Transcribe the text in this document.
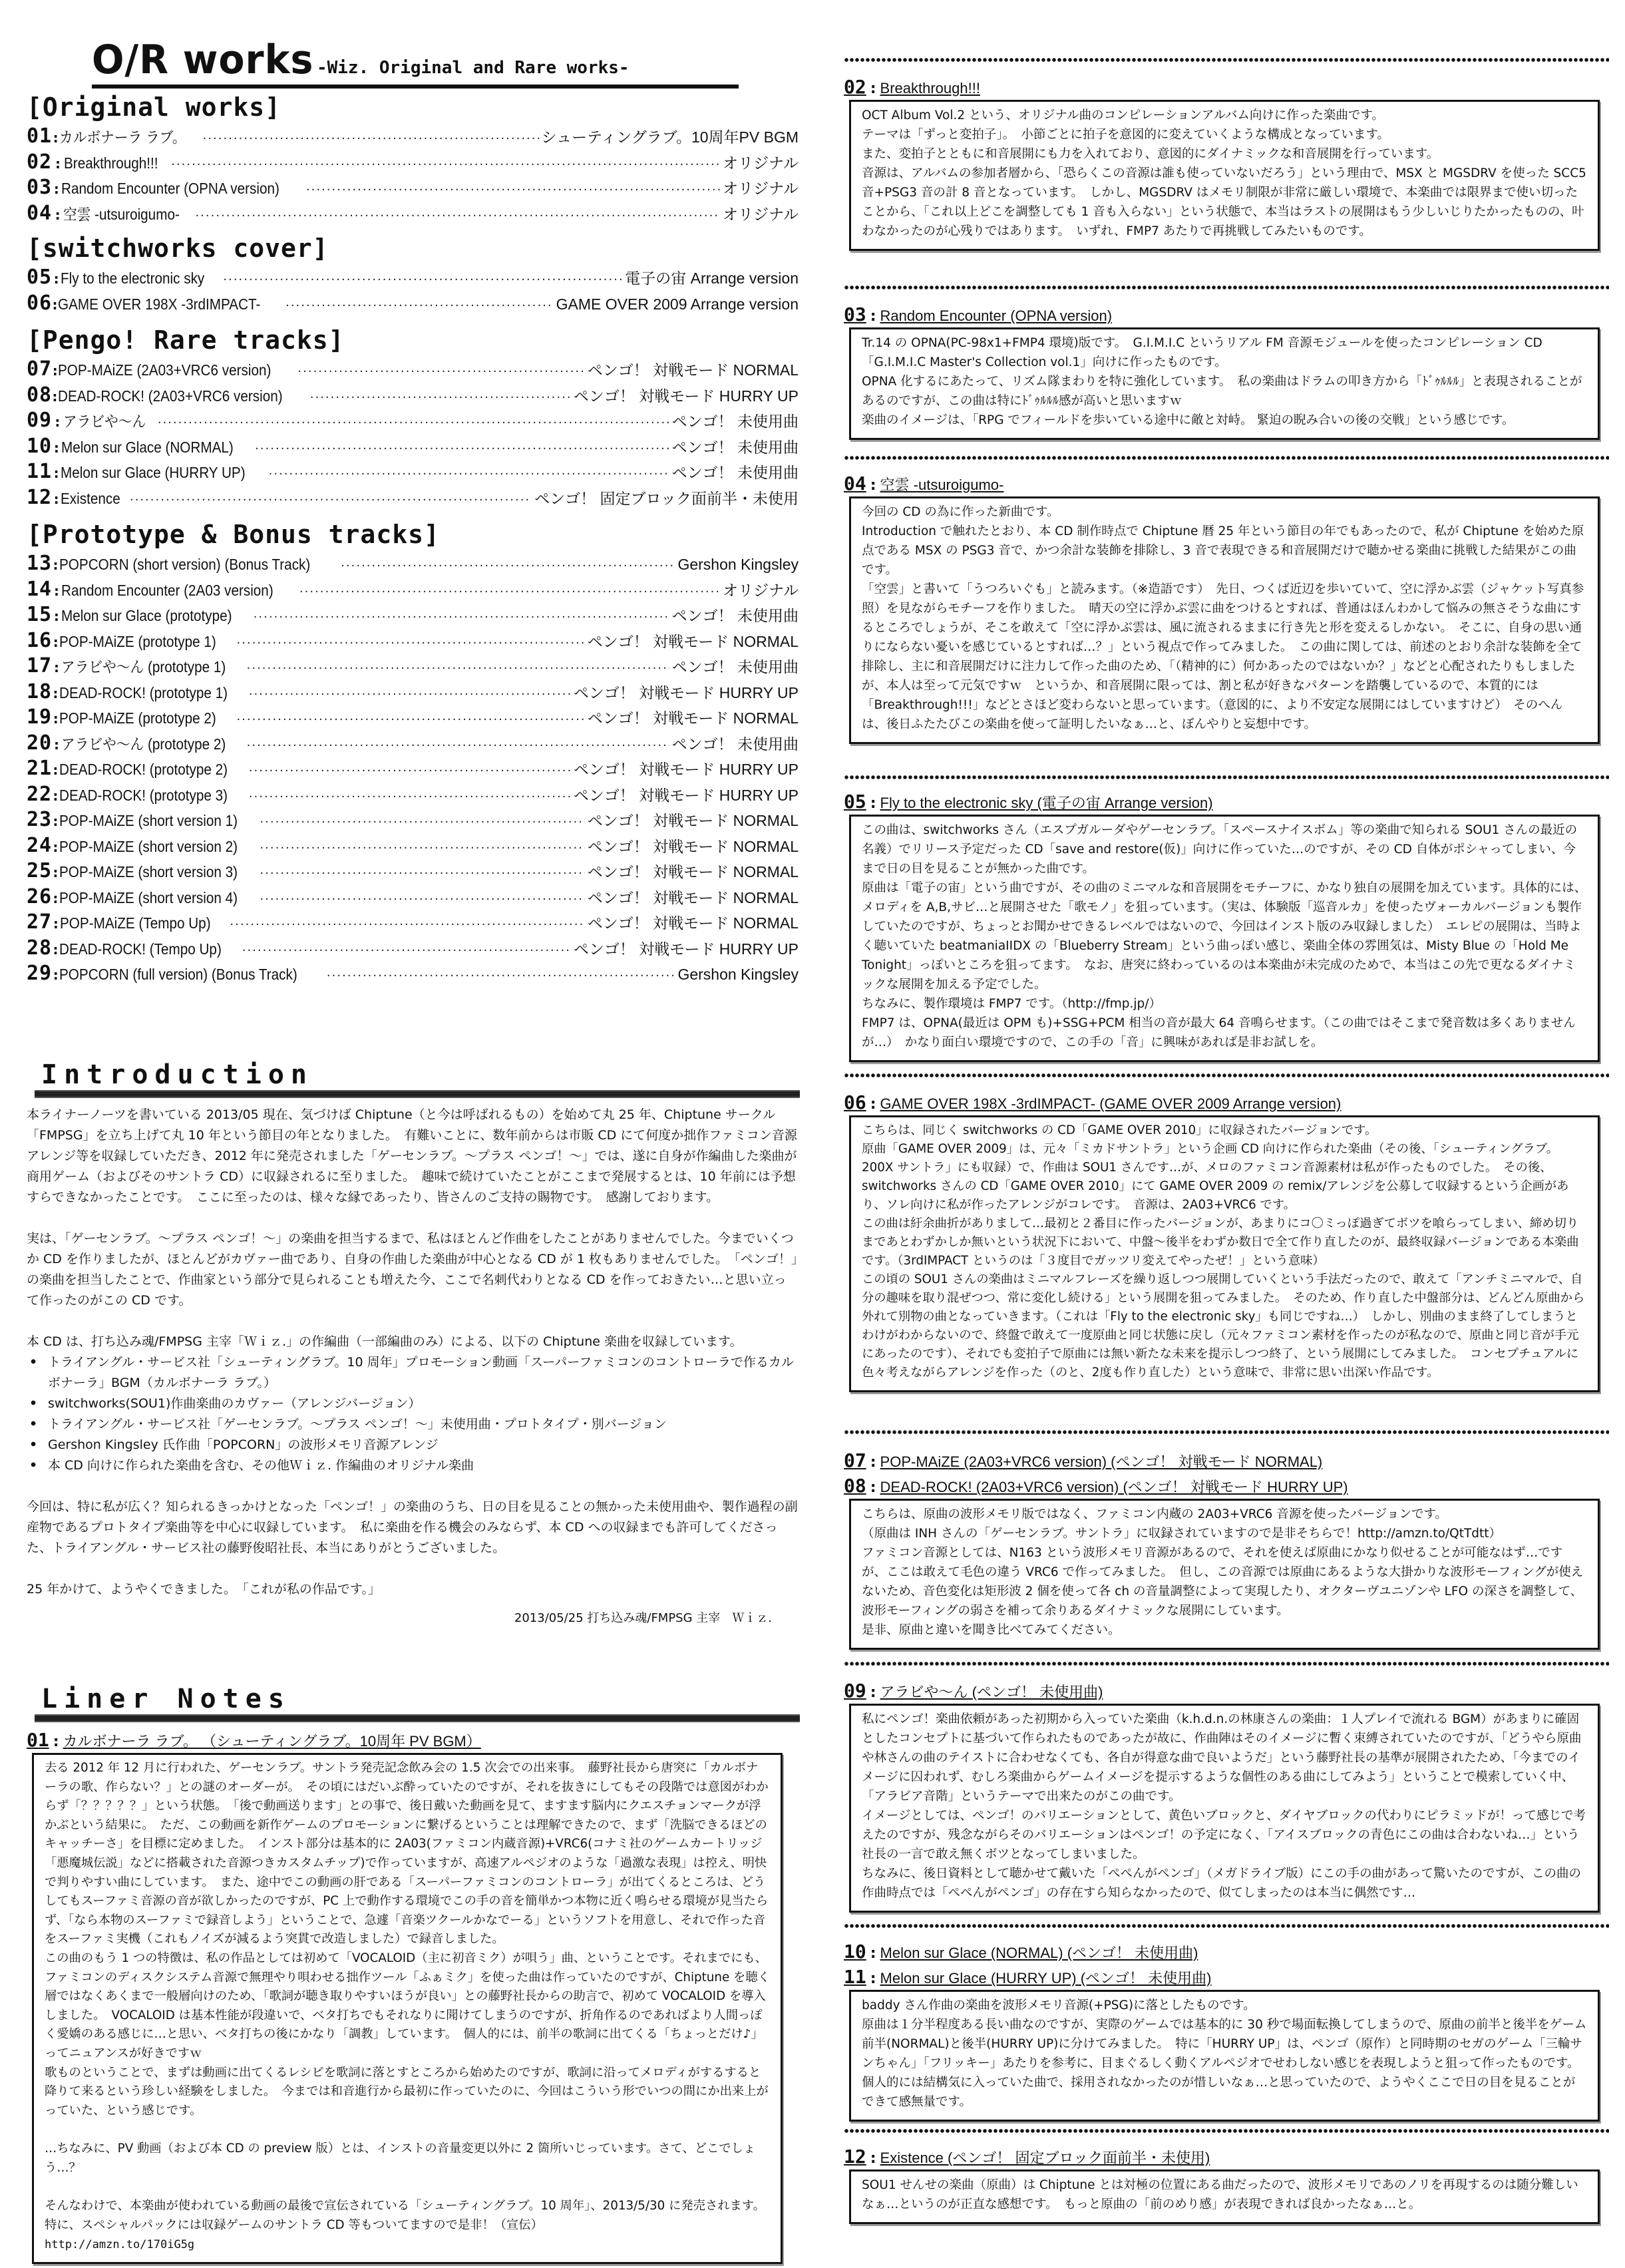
O/R works -Wiz. Original and Rare works-
[Original works]
01 : カルボナーラ ラブ。 ·····	シューティングラブ。10周年PV BGM
02 : Breakthrough!!! ·····	オリジナル
03 : Random Encounter (OPNA version) ·····	オリジナル
04 : 空雲 -utsuroigumo- ·····	オリジナル
[switchworks cover]
05 : Fly to the electronic sky ·····	電子の宙 Arrange version
06 : GAME OVER 198X -3rdIMPACT- ·····	GAME OVER 2009 Arrange version
[Pengo! Rare tracks]
07 : POP-MAiZE (2A03+VRC6 version) ·····	ペンゴ！ 対戦モード NORMAL
08 : DEAD-ROCK! (2A03+VRC6 version) ·····	ペンゴ！ 対戦モード HURRY UP
09 : アラビや～ん ·····	ペンゴ！ 未使用曲
10 : Melon sur Glace (NORMAL) ·····	ペンゴ！ 未使用曲
11 : Melon sur Glace (HURRY UP) ·····	ペンゴ！ 未使用曲
12 : Existence ·····	ペンゴ！ 固定ブロック面前半・未使用
[Prototype & Bonus tracks]
13 : POPCORN (short version) (Bonus Track) ·····	Gershon Kingsley
14 : Random Encounter (2A03 version) ·····	オリジナル
15 : Melon sur Glace (prototype) ·····	ペンゴ！ 未使用曲
16 : POP-MAiZE (prototype 1) ·····	ペンゴ！ 対戦モード NORMAL
17 : アラビや～ん (prototype 1) ·····	ペンゴ！ 未使用曲
18 : DEAD-ROCK! (prototype 1) ·····	ペンゴ！ 対戦モード HURRY UP
19 : POP-MAiZE (prototype 2) ·····	ペンゴ！ 対戦モード NORMAL
20 : アラビや～ん (prototype 2) ·····	ペンゴ！ 未使用曲
21 : DEAD-ROCK! (prototype 2) ·····	ペンゴ！ 対戦モード HURRY UP
22 : DEAD-ROCK! (prototype 3) ·····	ペンゴ！ 対戦モード HURRY UP
23 : POP-MAiZE (short version 1) ·····	ペンゴ！ 対戦モード NORMAL
24 : POP-MAiZE (short version 2) ·····	ペンゴ！ 対戦モード NORMAL
25 : POP-MAiZE (short version 3) ·····	ペンゴ！ 対戦モード NORMAL
26 : POP-MAiZE (short version 4) ·····	ペンゴ！ 対戦モード NORMAL
27 : POP-MAiZE (Tempo Up) ·····	ペンゴ！ 対戦モード NORMAL
28 : DEAD-ROCK! (Tempo Up) ·····	ペンゴ！ 対戦モード HURRY UP
29 : POPCORN (full version) (Bonus Track) ·····	Gershon Kingsley
Introduction

本ライナーノーツを書いている 2013/05 現在、気づけば Chiptune（と今は呼ばれるもの）を始めて丸 25 年、Chiptune サークル「FMPSG」を立ち上げて丸 10 年という節目の年となりました。　有難いことに、数年前からは市販 CD にて何度か拙作ファミコン音源アレンジ等を収録していただき、2012 年に発売されました「ゲーセンラブ。～プラス ペンゴ！～」では、遂に自身が作編曲した楽曲が商用ゲーム（およびそのサントラ CD）に収録されるに至りました。　趣味で続けていたことがここまで発展するとは、10 年前には予想すらできなかったことです。　ここに至ったのは、様々な縁であったり、皆さんのご支持の賜物です。　感謝しております。

実は、「ゲーセンラブ。～プラス ペンゴ！～」の楽曲を担当するまで、私はほとんど作曲をしたことがありませんでした。今までいくつか CD を作りましたが、ほとんどがカヴァー曲であり、自身の作曲した楽曲が中心となる CD が 1 枚もありませんでした。　「ペンゴ！」の楽曲を担当したことで、作曲家という部分で見られることも増えた今、ここで名刺代わりとなる CD を作っておきたい…と思い立って作ったのがこの CD です。

本 CD は、打ち込み魂/FMPSG 主宰「Ｗｉｚ.」の作編曲（一部編曲のみ）による、以下の Chiptune 楽曲を収録しています。

• トライアングル・サービス社「シューティングラブ。10 周年」プロモーション動画「スーパーファミコンのコントローラで作るカルボナーラ」BGM（カルボナーラ ラブ。）
• switchworks(SOU1)作曲楽曲のカヴァー（アレンジバージョン）
• トライアングル・サービス社「ゲーセンラブ。～プラス ペンゴ！～」未使用曲・プロトタイプ・別バージョン
• Gershon Kingsley 氏作曲「POPCORN」の波形メモリ音源アレンジ
• 本 CD 向けに作られた楽曲を含む、その他Ｗｉｚ. 作編曲のオリジナル楽曲

今回は、特に私が広く？知られるきっかけとなった「ペンゴ！」の楽曲のうち、日の目を見ることの無かった未使用曲や、製作過程の副産物であるプロトタイプ楽曲等を中心に収録しています。　私に楽曲を作る機会のみならず、本 CD への収録までも許可してくださった、トライアングル・サービス社の藤野俊昭社長、本当にありがとうございました。

25 年かけて、ようやくできました。　「これが私の作品です。」

2013/05/25 打ち込み魂/FMPSG 主宰　Ｗｉｚ.
Liner Notes
01 : カルボナーラ ラブ。 （シューティングラブ。10周年 PV BGM）

去る 2012 年 12 月に行われた、ゲーセンラブ。サントラ発売記念飲み会の 1.5 次会での出来事。　藤野社長から唐突に「カルボナーラの歌、作らない？」との謎のオーダーが。　その頃にはだいぶ酔っていたのですが、それを抜きにしてもその段階では意図がわからず「？？？？？」という状態。　「後で動画送ります」との事で、後日戴いた動画を見て、ますます脳内にクエスチョンマークが浮かぶという結果に。　ただ、この動画を新作ゲームのプロモーションに繋げるということは理解できたので、まず「洗脳できるほどのキャッチーさ」を目標に定めました。　インスト部分は基本的に 2A03(ファミコン内蔵音源)+VRC6(コナミ社のゲームカートリッジ「悪魔城伝説」などに搭載された音源つきカスタムチップ)で作っていますが、高速アルペジオのような「過激な表現」は控え、明快で判りやすい曲にしています。　また、途中でこの動画の肝である「スーパーファミコンのコントローラ」が出てくるところは、どうしてもスーファミ音源の音が欲しかったのですが、PC 上で動作する環境でこの手の音を簡単かつ本物に近く鳴らせる環境が見当たらず、「なら本物のスーファミで録音しよう」ということで、急遽「音楽ツクールかなでーる」というソフトを用意し、それで作った音をスーファミ実機（これもノイズが減るよう突貫で改造しました）で録音しました。

この曲のもう 1 つの特徴は、私の作品としては初めて「VOCALOID（主に初音ミク）が唄う」曲、ということです。それまでにも、ファミコンのディスクシステム音源で無理やり唄わせる拙作ツール「ふぁミク」を使った曲は作っていたのですが、Chiptune を聴く層ではなくあくまで一般層向けのため、「歌詞が聴き取りやすいほうが良い」との藤野社長からの助言で、初めて VOCALOID を導入しました。　VOCALOID は基本性能が段違いで、ベタ打ちでもそれなりに聞けてしまうのですが、折角作るのであればより人間っぽく愛嬌のある感じに…と思い、ベタ打ちの後にかなり「調教」しています。　個人的には、前半の歌詞に出てくる「ちょっとだけ♪」ってニュアンスが好きですｗ

歌ものということで、まずは動画に出てくるレシピを歌詞に落とすところから始めたのですが、歌詞に沿ってメロディがするすると降りて来るという珍しい経験をしました。　今までは和音進行から最初に作っていたのに、今回はこういう形でいつの間にか出来上がっていた、という感じです。

…ちなみに、PV 動画（および本 CD の preview 版）とは、インストの音量変更以外に 2 箇所いじっています。さて、どこでしょう…？

そんなわけで、本楽曲が使われている動画の最後で宣伝されている「シューティングラブ。10 周年」、2013/5/30 に発売されます。　特に、スペシャルパックには収録ゲームのサントラ CD 等もついてますので是非！（宣伝）

http://amzn.to/170iG5g

02 : Breakthrough!!!

OCT Album Vol.2 という、オリジナル曲のコンピレーションアルバム向けに作った楽曲です。

テーマは「ずっと変拍子」。　小節ごとに拍子を意図的に変えていくような構成となっています。

また、変拍子とともに和音展開にも力を入れており、意図的にダイナミックな和音展開を行っています。

音源は、アルバムの参加者層から、「恐らくこの音源は誰も使っていないだろう」という理由で、MSX と MGSDRV を使った SCC5 音+PSG3 音の計 8 音となっています。　しかし、MGSDRV はメモリ制限が非常に厳しい環境で、本楽曲では限界まで使い切ったことから、「これ以上どこを調整しても 1 音も入らない」という状態で、本当はラストの展開はもう少しいじりたかったものの、叶わなかったのが心残りではあります。　いずれ、FMP7 あたりで再挑戦してみたいものです。

03 : Random Encounter (OPNA version)

Tr.14 の OPNA(PC-98x1+FMP4 環境)版です。　G.I.M.I.C というリアル FM 音源モジュールを使ったコンピレーション CD「G.I.M.I.C Master's Collection vol.1」向けに作ったものです。

OPNA 化するにあたって、リズム隊まわりを特に強化しています。　私の楽曲はドラムの叩き方から「ﾄﾞｩﾙﾙﾙ」と表現されることがあるのですが、この曲は特にﾄﾞｩﾙﾙﾙ感が高いと思いますｗ

楽曲のイメージは、「RPG でフィールドを歩いている途中に敵と対峙。 緊迫の睨み合いの後の交戦」という感じです。

04 : 空雲 -utsuroigumo-

今回の CD の為に作った新曲です。

Introduction で触れたとおり、本 CD 制作時点で Chiptune 暦 25 年という節目の年でもあったので、私が Chiptune を始めた原点である MSX の PSG3 音で、かつ余計な装飾を排除し、3 音で表現できる和音展開だけで聴かせる楽曲に挑戦した結果がこの曲です。

「空雲」と書いて「うつろいぐも」と読みます。（※造語です）　先日、つくば近辺を歩いていて、空に浮かぶ雲（ジャケット写真参照）を見ながらモチーフを作りました。　晴天の空に浮かぶ雲に曲をつけるとすれば、普通はほんわかして悩みの無さそうな曲にするところでしょうが、そこを敢えて「空に浮かぶ雲は、風に流されるままに行き先と形を変えるしかない。　そこに、自身の思い通りにならない憂いを感じているとすれば…？」という視点で作ってみました。　この曲に関しては、前述のとおり余計な装飾を全て排除し、主に和音展開だけに注力して作った曲のため、「（精神的に）何かあったのではないか？」などと心配されたりもしましたが、本人は至って元気ですｗ　というか、和音展開に限っては、割と私が好きなパターンを踏襲しているので、本質的には「Breakthrough!!!」などとさほど変わらないと思っています。（意図的に、より不安定な展開にはしていますけど）　そのへんは、後日ふたたびこの楽曲を使って証明したいなぁ…と、ぼんやりと妄想中です。

05 : Fly to the electronic sky (電子の宙 Arrange version)

この曲は、switchworks さん（エスプガルーダやゲーセンラブ。「スペースナイスボム」等の楽曲で知られる SOU1 さんの最近の名義）でリリース予定だった CD「save and restore(仮)」向けに作っていた…のですが、その CD 自体がポシャってしまい、今まで日の目を見ることが無かった曲です。

原曲は「電子の宙」という曲ですが、その曲のミニマルな和音展開をモチーフに、かなり独自の展開を加えています。具体的には、メロディを A,B,サビ…と展開させた「歌モノ」を狙っています。（実は、体験版「巡音ルカ」を使ったヴォーカルバージョンも製作していたのですが、ちょっとお聞かせできるレベルではないので、今回はインスト版のみ収録しました）　エレピの展開は、当時よく聴いていた beatmaniaIIDX の「Blueberry Stream」という曲っぽい感じ、楽曲全体の雰囲気は、Misty Blue の「Hold Me Tonight」っぽいところを狙ってます。　なお、唐突に終わっているのは本楽曲が未完成のためで、本当はこの先で更なるダイナミックな展開を加える予定でした。

ちなみに、製作環境は FMP7 です。（http://fmp.jp/）

FMP7 は、OPNA(最近は OPM も)+SSG+PCM 相当の音が最大 64 音鳴らせます。（この曲ではそこまで発音数は多くありませんが…）　かなり面白い環境ですので、この手の「音」に興味があれば是非お試しを。

06 : GAME OVER 198X -3rdIMPACT- (GAME OVER 2009 Arrange version)

こちらは、同じく switchworks の CD「GAME OVER 2010」に収録されたバージョンです。

原曲「GAME OVER 2009」は、元々「ミカドサントラ」という企画 CD 向けに作られた楽曲（その後、「シューティングラブ。200X サントラ」にも収録）で、作曲は SOU1 さんです…が、メロのファミコン音源素材は私が作ったものでした。　その後、switchworks さんの CD「GAME OVER 2010」にて GAME OVER 2009 の remix/アレンジを公募して収録するという企画があり、ソレ向けに私が作ったアレンジがコレです。　音源は、2A03+VRC6 です。

この曲は紆余曲折がありまして…最初と２番目に作ったバージョンが、あまりにコ〇ミっぽ過ぎてボツを喰らってしまい、締め切りまであとわずかしか無いという状況下において、中盤～後半をわずか数日で全て作り直したのが、最終収録バージョンである本楽曲です。（3rdIMPACT というのは「３度目でガッツリ変えてやったぜ！」という意味）

この頃の SOU1 さんの楽曲はミニマルフレーズを繰り返しつつ展開していくという手法だったので、敢えて「アンチミニマルで、自分の趣味を取り混ぜつつ、常に変化し続ける」という展開を狙ってみました。　そのため、作り直した中盤部分は、どんどん原曲から外れて別物の曲となっていきます。（これは「Fly to the electronic sky」も同じですね…）　しかし、別曲のまま終了してしまうとわけがわからないので、終盤で敢えて一度原曲と同じ状態に戻し（元々ファミコン素材を作ったのが私なので、原曲と同じ音が手元にあったのです）、それでも変拍子で原曲には無い新たな未来を提示しつつ終了、という展開にしてみました。　コンセプチュアルに色々考えながらアレンジを作った（のと、2度も作り直した）という意味で、非常に思い出深い作品です。

07 : POP-MAiZE (2A03+VRC6 version) (ペンゴ！ 対戦モード NORMAL)
08 : DEAD-ROCK! (2A03+VRC6 version) (ペンゴ！ 対戦モード HURRY UP)

こちらは、原曲の波形メモリ版ではなく、ファミコン内蔵の 2A03+VRC6 音源を使ったバージョンです。

（原曲は INH さんの「ゲーセンラブ。サントラ」に収録されていますので是非そちらで！http://amzn.to/QtTdtt）

ファミコン音源としては、N163 という波形メモリ音源があるので、それを使えば原曲にかなり似せることが可能なはず…ですが、ここは敢えて毛色の違う VRC6 で作ってみました。　但し、この音源では原曲にあるような大掛かりな波形モーフィングが使えないため、音色変化は矩形波 2 個を使って各 ch の音量調整によって実現したり、オクターヴユニゾンや LFO の深さを調整して、波形モーフィングの弱さを補って余りあるダイナミックな展開にしています。

是非、原曲と違いを聞き比べてみてください。

09 : アラビや～ん (ペンゴ！ 未使用曲)

私にペンゴ！楽曲依頼があった初期から入っていた楽曲（k.h.d.n.の林康さんの楽曲：１人プレイで流れる BGM）があまりに確固としたコンセプトに基づいて作られたものであったが故に、作曲陣はそのイメージに暫く束縛されていたのですが、「どうやら原曲や林さんの曲のテイストに合わせなくても、各自が得意な曲で良いようだ」という藤野社長の基準が展開されたため、「今までのイメージに囚われず、むしろ楽曲からゲームイメージを提示するような個性のある曲にしてみよう」ということで模索していく中、「アラビア音階」というテーマで出来たのがこの曲です。

イメージとしては、ペンゴ！のバリエーションとして、黄色いブロックと、ダイヤブロックの代わりにピラミッドが！って感じで考えたのですが、残念ながらそのバリエーションはペンゴ！の予定になく、「アイスブロックの青色にこの曲は合わないね…」という社長の一言で敢え無くボツとなってしまいました。

ちなみに、後日資料として聴かせて戴いた「ぺぺんがペンゴ」（メガドライブ版）にこの手の曲があって驚いたのですが、この曲の作曲時点では「ぺぺんがペンゴ」の存在すら知らなかったので、似てしまったのは本当に偶然です…

10 : Melon sur Glace (NORMAL) (ペンゴ！ 未使用曲)
11 : Melon sur Glace (HURRY UP) (ペンゴ！ 未使用曲)

baddy さん作曲の楽曲を波形メモリ音源(+PSG)に落としたものです。

原曲は１分半程度ある長い曲なのですが、実際のゲームでは基本的に 30 秒で場面転換してしまうので、原曲の前半と後半をゲーム前半(NORMAL)と後半(HURRY UP)に分けてみました。　特に「HURRY UP」は、ペンゴ（原作）と同時期のセガのゲーム「三輪サンちゃん」「フリッキー」あたりを参考に、目まぐるしく動くアルペジオでせわしない感じを表現しようと狙って作ったものです。　個人的には結構気に入っていた曲で、採用されなかったのが惜しいなぁ…と思っていたので、ようやくここで日の目を見ることができて感無量です。

12 : Existence (ペンゴ！ 固定ブロック面前半・未使用)

SOU1 せんせの楽曲（原曲）は Chiptune とは対極の位置にある曲だったので、波形メモリであのノリを再現するのは随分難しいなぁ…というのが正直な感想です。　もっと原曲の「前のめり感」が表現できれば良かったなぁ…と。
